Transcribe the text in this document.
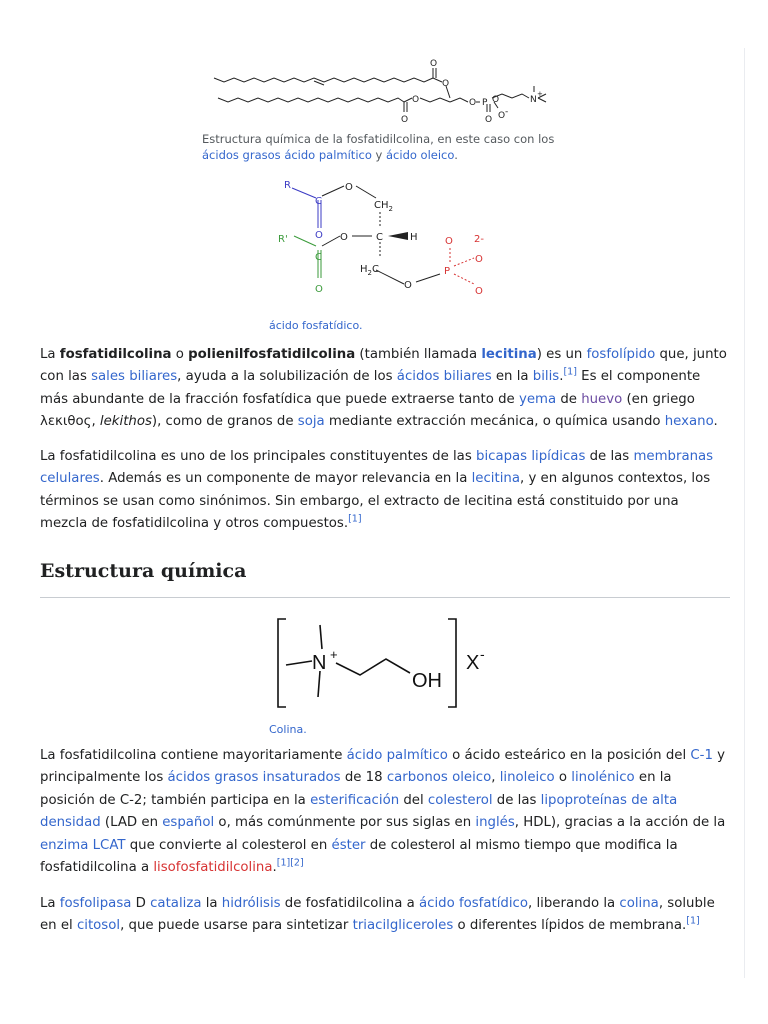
O
O
O
O
O P
O O -
O	N
+
Estructura química de la fosfatidilcolina, en este caso con los ácidos grasos ácido palmítico y ácido oleico.
R
C
O
O
$CH_2$
R'	O	C	H
C
O
$H_2C$
O
O 2-
P
O
O
ácido fosfatídico.

La fosfatidilcolina o polienilfosfatidilcolina (también llamada lecitina) es un fosfolípido que, junto con las sales biliares, ayuda a la solubilización de los ácidos biliares en la bilis.[1] Es el componente más abundante de la fracción fosfatídica que puede extraerse tanto de yema de huevo (en griego λεκιθος, lekithos), como de granos de soja mediante extracción mecánica, o química usando hexano.

La fosfatidilcolina es uno de los principales constituyentes de las bicapas lipídicas de las membranas celulares. Además es un componente de mayor relevancia en la lecitina, y en algunos contextos, los términos se usan como sinónimos. Sin embargo, el extracto de lecitina está constituido por una mezcla de fosfatidilcolina y otros compuestos.[1]

Estructura química
N +
OH
X -
Colina.

La fosfatidilcolina contiene mayoritariamente ácido palmítico o ácido esteárico en la posición del C-1 y principalmente los ácidos grasos insaturados de 18 carbonos oleico, linoleico o linolénico en la posición de C-2; también participa en la esterificación del colesterol de las lipoproteínas de alta densidad (LAD en español o, más comúnmente por sus siglas en inglés, HDL), gracias a la acción de la enzima LCAT que convierte al colesterol en éster de colesterol al mismo tiempo que modifica la fosfatidilcolina a lisofosfatidilcolina.[1][2]

La fosfolipasa D cataliza la hidrólisis de fosfatidilcolina a ácido fosfatídico, liberando la colina, soluble en el citosol, que puede usarse para sintetizar triacilgliceroles o diferentes lípidos de membrana.[1]
